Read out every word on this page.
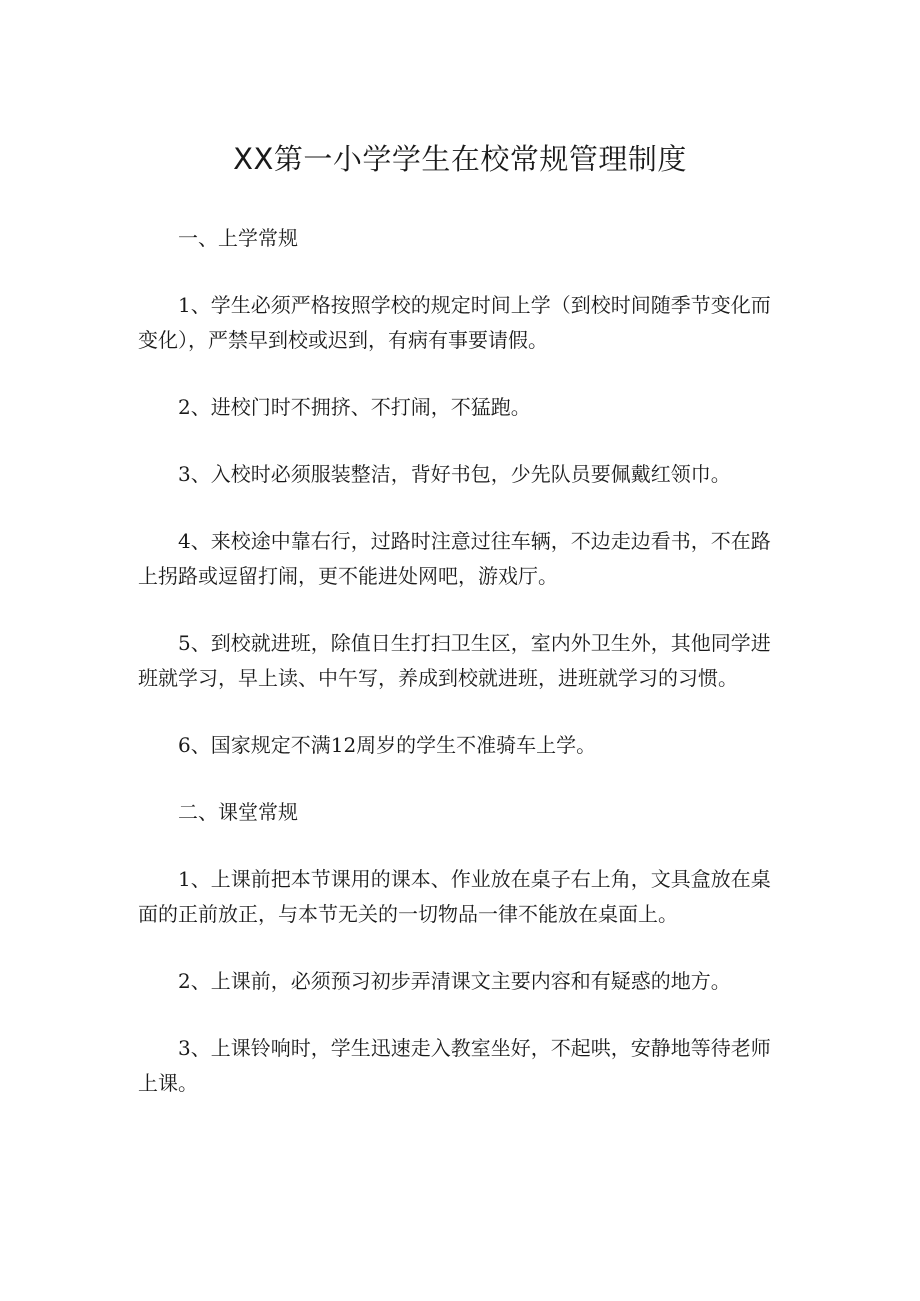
XX第一小学学生在校常规管理制度
一、上学常规
1、学生必须严格按照学校的规定时间上学（到校时间随季节变化而
变化），严禁早到校或迟到，有病有事要请假。
2、进校门时不拥挤、不打闹，不猛跑。
3、入校时必须服装整洁，背好书包，少先队员要佩戴红领巾。
4、来校途中靠右行，过路时注意过往车辆，不边走边看书，不在路
上拐路或逗留打闹，更不能进处网吧，游戏厅。
5、到校就进班，除值日生打扫卫生区，室内外卫生外，其他同学进
班就学习，早上读、中午写，养成到校就进班，进班就学习的习惯。
6、国家规定不满12周岁的学生不准骑车上学。
二、课堂常规
1、上课前把本节课用的课本、作业放在桌子右上角，文具盒放在桌
面的正前放正，与本节无关的一切物品一律不能放在桌面上。
2、上课前，必须预习初步弄清课文主要内容和有疑惑的地方。
3、上课铃响时，学生迅速走入教室坐好，不起哄，安静地等待老师
上课。
